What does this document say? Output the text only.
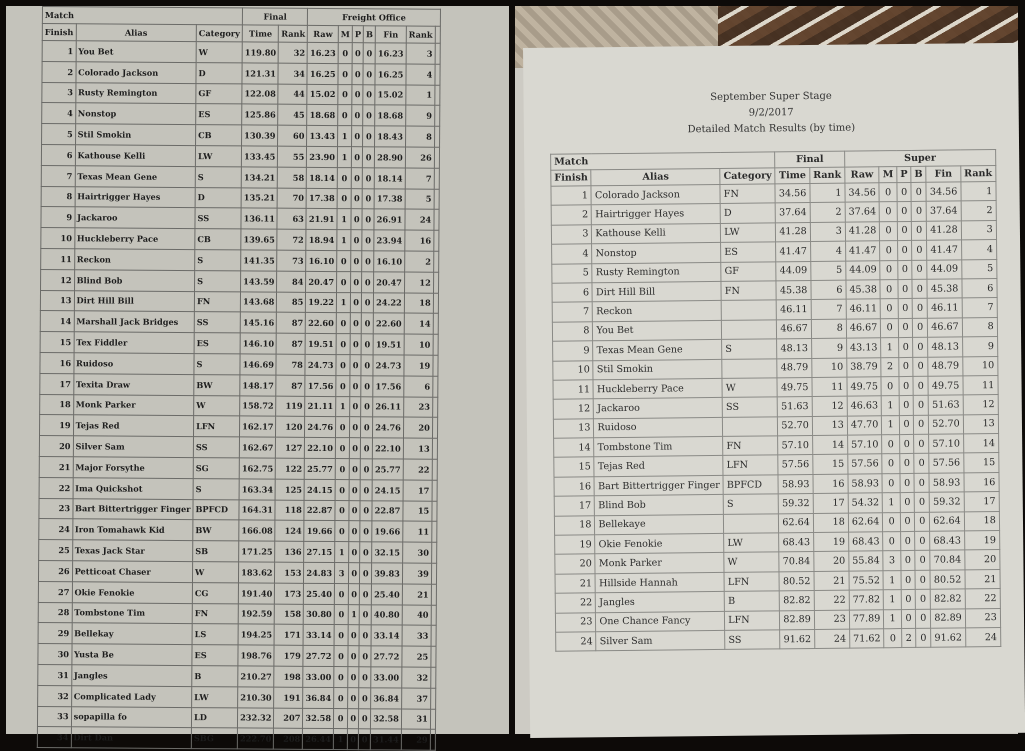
Match			Final		Freight Office						
Finish	Alias	Category	Time	Rank	Raw	M	P	B	Fin	Rank	
1	You Bet	W	119.80	32	16.23	0	0	0	16.23	3	
2	Colorado Jackson	D	121.31	34	16.25	0	0	0	16.25	4	
3	Rusty Remington	GF	122.08	44	15.02	0	0	0	15.02	1	
4	Nonstop	ES	125.86	45	18.68	0	0	0	18.68	9	
5	Stil Smokin	CB	130.39	60	13.43	1	0	0	18.43	8	
6	Kathouse Kelli	LW	133.45	55	23.90	1	0	0	28.90	26	
7	Texas Mean Gene	S	134.21	58	18.14	0	0	0	18.14	7	
8	Hairtrigger Hayes	D	135.21	70	17.38	0	0	0	17.38	5	
9	Jackaroo	SS	136.11	63	21.91	1	0	0	26.91	24	
10	Huckleberry Pace	CB	139.65	72	18.94	1	0	0	23.94	16	
11	Reckon	S	141.35	73	16.10	0	0	0	16.10	2	
12	Blind Bob	S	143.59	84	20.47	0	0	0	20.47	12	
13	Dirt Hill Bill	FN	143.68	85	19.22	1	0	0	24.22	18	
14	Marshall Jack Bridges	SS	145.16	87	22.60	0	0	0	22.60	14	
15	Tex Fiddler	ES	146.10	87	19.51	0	0	0	19.51	10	
16	Ruidoso	S	146.69	78	24.73	0	0	0	24.73	19	
17	Texita Draw	BW	148.17	87	17.56	0	0	0	17.56	6	
18	Monk Parker	W	158.72	119	21.11	1	0	0	26.11	23	
19	Tejas Red	LFN	162.17	120	24.76	0	0	0	24.76	20	
20	Silver Sam	SS	162.67	127	22.10	0	0	0	22.10	13	
21	Major Forsythe	SG	162.75	122	25.77	0	0	0	25.77	22	
22	Ima Quickshot	S	163.34	125	24.15	0	0	0	24.15	17	
23	Bart Bittertrigger Finger	BPFCD	164.31	118	22.87	0	0	0	22.87	15	
24	Iron Tomahawk Kid	BW	166.08	124	19.66	0	0	0	19.66	11	
25	Texas Jack Star	SB	171.25	136	27.15	1	0	0	32.15	30	
26	Petticoat Chaser	W	183.62	153	24.83	3	0	0	39.83	39	
27	Okie Fenokie	CG	191.40	173	25.40	0	0	0	25.40	21	
28	Tombstone Tim	FN	192.59	158	30.80	0	1	0	40.80	40	
29	Bellekay	LS	194.25	171	33.14	0	0	0	33.14	33	
30	Yusta Be	ES	198.76	179	27.72	0	0	0	27.72	25	
31	Jangles	B	210.27	198	33.00	0	0	0	33.00	32	
32	Complicated Lady	LW	210.30	191	36.84	0	0	0	36.84	37	
33	sopapilla fo	LD	232.32	207	32.58	0	0	0	32.58	31	
34	Dirt Dan	SBG	222.70	208	26.44	1	0	0	31.44	29	
September Super Stage
9/2/2017
Detailed Match Results (by time)
Match			Final		Super					
Finish	Alias	Category	Time	Rank	Raw	M	P	B	Fin	Rank
1	Colorado Jackson	FN	34.56	1	34.56	0	0	0	34.56	1
2	Hairtrigger Hayes	D	37.64	2	37.64	0	0	0	37.64	2
3	Kathouse Kelli	LW	41.28	3	41.28	0	0	0	41.28	3
4	Nonstop	ES	41.47	4	41.47	0	0	0	41.47	4
5	Rusty Remington	GF	44.09	5	44.09	0	0	0	44.09	5
6	Dirt Hill Bill	FN	45.38	6	45.38	0	0	0	45.38	6
7	Reckon		46.11	7	46.11	0	0	0	46.11	7
8	You Bet		46.67	8	46.67	0	0	0	46.67	8
9	Texas Mean Gene	S	48.13	9	43.13	1	0	0	48.13	9
10	Stil Smokin		48.79	10	38.79	2	0	0	48.79	10
11	Huckleberry Pace	W	49.75	11	49.75	0	0	0	49.75	11
12	Jackaroo	SS	51.63	12	46.63	1	0	0	51.63	12
13	Ruidoso		52.70	13	47.70	1	0	0	52.70	13
14	Tombstone Tim	FN	57.10	14	57.10	0	0	0	57.10	14
15	Tejas Red	LFN	57.56	15	57.56	0	0	0	57.56	15
16	Bart Bittertrigger Finger	BPFCD	58.93	16	58.93	0	0	0	58.93	16
17	Blind Bob	S	59.32	17	54.32	1	0	0	59.32	17
18	Bellekaye		62.64	18	62.64	0	0	0	62.64	18
19	Okie Fenokie	LW	68.43	19	68.43	0	0	0	68.43	19
20	Monk Parker	W	70.84	20	55.84	3	0	0	70.84	20
21	Hillside Hannah	LFN	80.52	21	75.52	1	0	0	80.52	21
22	Jangles	B	82.82	22	77.82	1	0	0	82.82	22
23	One Chance Fancy	LFN	82.89	23	77.89	1	0	0	82.89	23
24	Silver Sam	SS	91.62	24	71.62	0	2	0	91.62	24
